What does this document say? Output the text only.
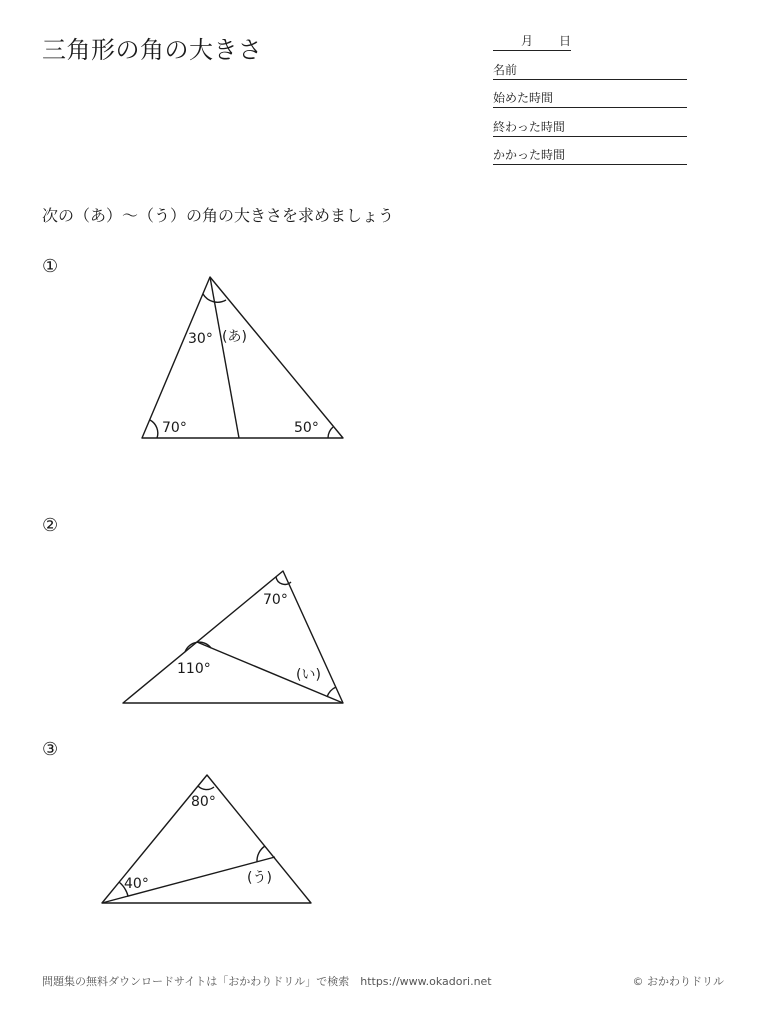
三角形の角の大きさ	月 日
名前
始めた時間
終わった時間
かかった時間
次の（あ）～（う）の角の大きさを求めましょう
①
②
③
30° (あ)
70°	50°
70°
110°	(い)
80°
40°	(う)
問題集の無料ダウンロードサイトは「おかわりドリル」で検索　https://www.okadori.net	© おかわりドリル
